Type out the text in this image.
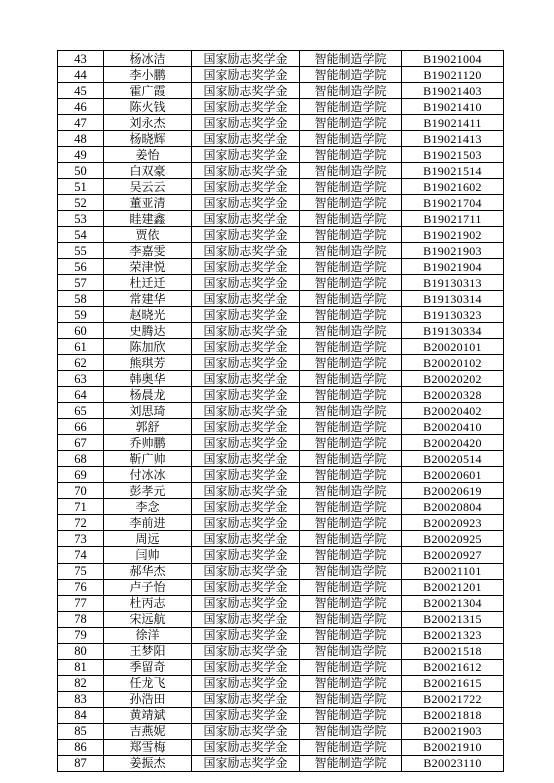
43	杨冰洁	国家励志奖学金	智能制造学院	B19021004
44	李小鹏	国家励志奖学金	智能制造学院	B19021120
45	霍广霞	国家励志奖学金	智能制造学院	B19021403
46	陈火钱	国家励志奖学金	智能制造学院	B19021410
47	刘永杰	国家励志奖学金	智能制造学院	B19021411
48	杨晓辉	国家励志奖学金	智能制造学院	B19021413
49	姜怡	国家励志奖学金	智能制造学院	B19021503
50	白双豪	国家励志奖学金	智能制造学院	B19021514
51	吴云云	国家励志奖学金	智能制造学院	B19021602
52	董亚清	国家励志奖学金	智能制造学院	B19021704
53	眭建鑫	国家励志奖学金	智能制造学院	B19021711
54	贾依	国家励志奖学金	智能制造学院	B19021902
55	李嘉雯	国家励志奖学金	智能制造学院	B19021903
56	荣津悦	国家励志奖学金	智能制造学院	B19021904
57	杜迁迁	国家励志奖学金	智能制造学院	B19130313
58	常建华	国家励志奖学金	智能制造学院	B19130314
59	赵晓光	国家励志奖学金	智能制造学院	B19130323
60	史腾达	国家励志奖学金	智能制造学院	B19130334
61	陈加欣	国家励志奖学金	智能制造学院	B20020101
62	熊琪芳	国家励志奖学金	智能制造学院	B20020102
63	韩奥华	国家励志奖学金	智能制造学院	B20020202
64	杨晨龙	国家励志奖学金	智能制造学院	B20020328
65	刘思琦	国家励志奖学金	智能制造学院	B20020402
66	郭舒	国家励志奖学金	智能制造学院	B20020410
67	乔帅鹏	国家励志奖学金	智能制造学院	B20020420
68	靳广帅	国家励志奖学金	智能制造学院	B20020514
69	付冰冰	国家励志奖学金	智能制造学院	B20020601
70	彭孝元	国家励志奖学金	智能制造学院	B20020619
71	李念	国家励志奖学金	智能制造学院	B20020804
72	李前进	国家励志奖学金	智能制造学院	B20020923
73	周远	国家励志奖学金	智能制造学院	B20020925
74	闫帅	国家励志奖学金	智能制造学院	B20020927
75	郝华杰	国家励志奖学金	智能制造学院	B20021101
76	卢子怡	国家励志奖学金	智能制造学院	B20021201
77	杜丙志	国家励志奖学金	智能制造学院	B20021304
78	宋远航	国家励志奖学金	智能制造学院	B20021315
79	徐洋	国家励志奖学金	智能制造学院	B20021323
80	王梦阳	国家励志奖学金	智能制造学院	B20021518
81	季留奇	国家励志奖学金	智能制造学院	B20021612
82	任龙飞	国家励志奖学金	智能制造学院	B20021615
83	孙浩田	国家励志奖学金	智能制造学院	B20021722
84	黄靖斌	国家励志奖学金	智能制造学院	B20021818
85	吉燕妮	国家励志奖学金	智能制造学院	B20021903
86	郑雪梅	国家励志奖学金	智能制造学院	B20021910
87	姜振杰	国家励志奖学金	智能制造学院	B20023110
